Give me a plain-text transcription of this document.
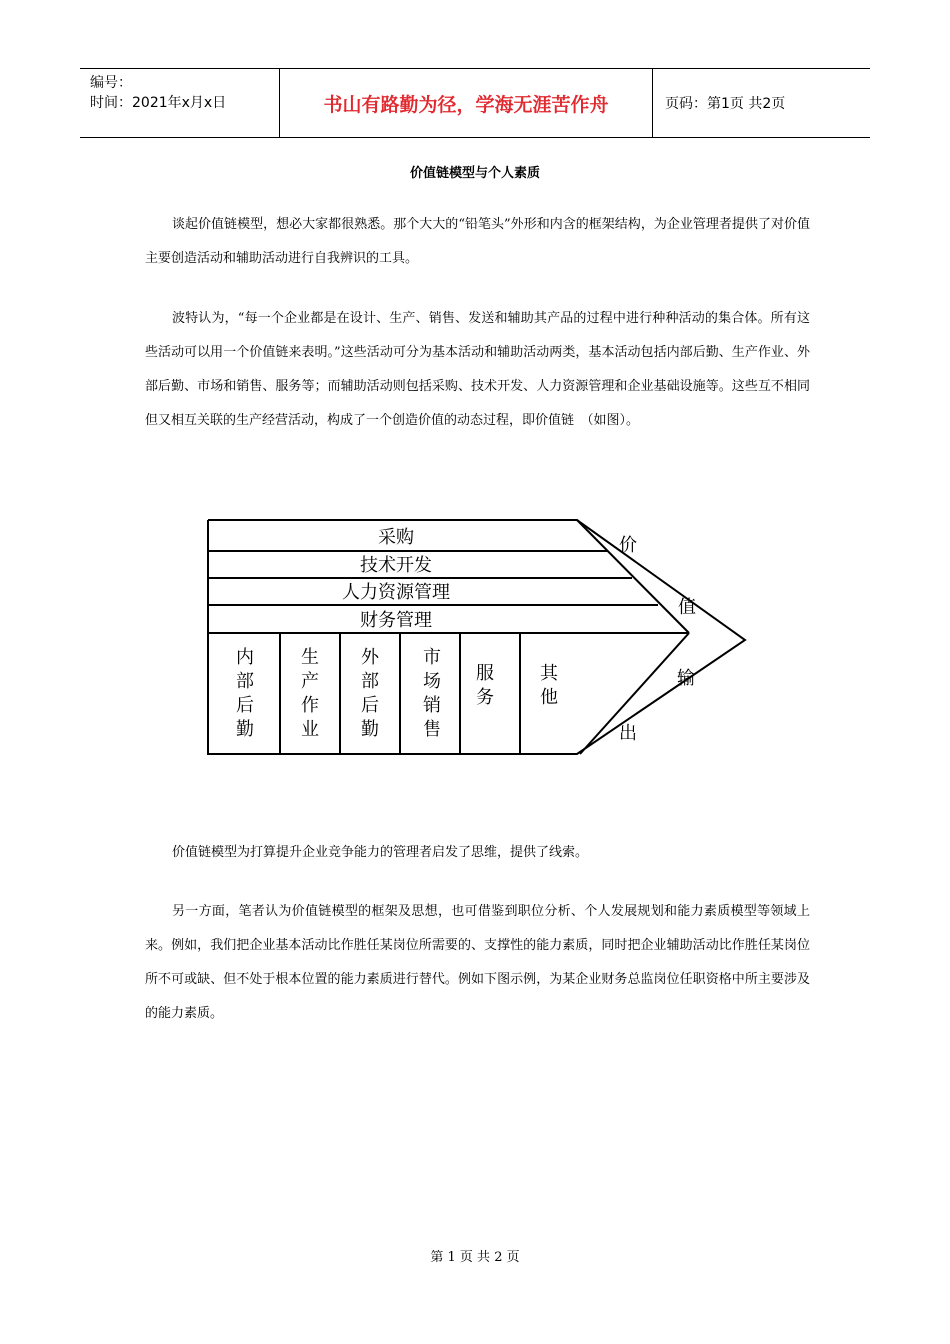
编号：
时间：2021年x月x日	书山有路勤为径，学海无涯苦作舟	页码：第1页 共2页
价值链模型与个人素质

谈起价值链模型，想必大家都很熟悉。那个大大的“铅笔头”外形和内含的框架结构，为企业管理者提供了对价值主要创造活动和辅助活动进行自我辨识的工具。

波特认为，“每一个企业都是在设计、生产、销售、发送和辅助其产品的过程中进行种种活动的集合体。所有这些活动可以用一个价值链来表明。”这些活动可分为基本活动和辅助活动两类，基本活动包括内部后勤、生产作业、外部后勤、市场和销售、服务等；而辅助活动则包括采购、技术开发、人力资源管理和企业基础设施等。这些互不相同但又相互关联的生产经营活动，构成了一个创造价值的动态过程，即价值链　（如图）。

采购
技术开发
人力资源管理
财务管理
内
部
后
勤
生
产
作
业
外
部
后
勤
市
场
销
售
服
务
其
他
价
值
输
出

价值链模型为打算提升企业竞争能力的管理者启发了思维，提供了线索。

另一方面，笔者认为价值链模型的框架及思想，也可借鉴到职位分析、个人发展规划和能力素质模型等领域上来。例如，我们把企业基本活动比作胜任某岗位所需要的、支撑性的能力素质，同时把企业辅助活动比作胜任某岗位所不可或缺、但不处于根本位置的能力素质进行替代。例如下图示例，为某企业财务总监岗位任职资格中所主要涉及的能力素质。

第 1 页 共 2 页
